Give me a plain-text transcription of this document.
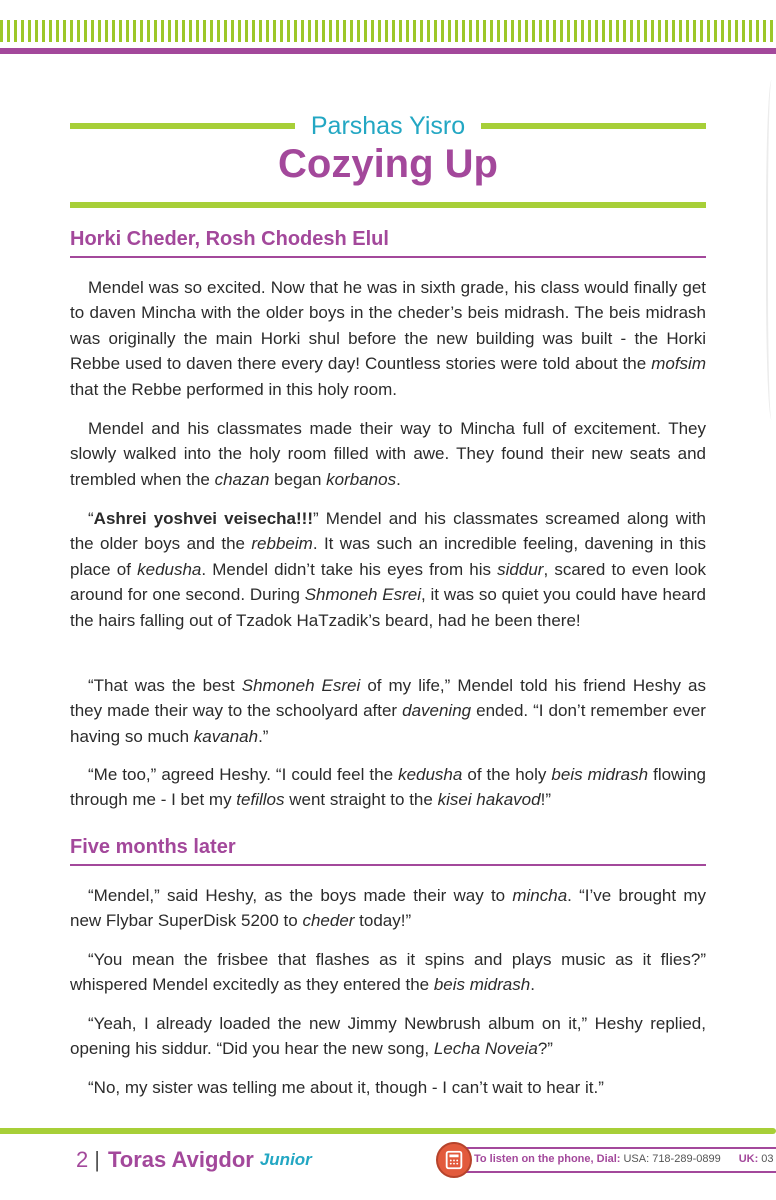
Parshas Yisro
Cozying Up
Horki Cheder, Rosh Chodesh Elul

Mendel was so excited. Now that he was in sixth grade, his class would finally get to daven Mincha with the older boys in the cheder’s beis midrash. The beis midrash was originally the main Horki shul before the new building was built - the Horki Rebbe used to daven there every day! Countless stories were told about the mofsim that the Rebbe performed in this holy room.

Mendel and his classmates made their way to Mincha full of excitement. They slowly walked into the holy room filled with awe. They found their new seats and trembled when the chazan began korbanos.

“Ashrei yoshvei veisecha!!!” Mendel and his classmates screamed along with the older boys and the rebbeim. It was such an incredible feeling, davening in this place of kedusha. Mendel didn’t take his eyes from his siddur, scared to even look around for one second. During Shmoneh Esrei, it was so quiet you could have heard the hairs falling out of Tzadok HaTzadik’s beard, had he been there!

“That was the best Shmoneh Esrei of my life,” Mendel told his friend Heshy as they made their way to the schoolyard after davening ended. “I don’t remember ever having so much kavanah.”

“Me too,” agreed Heshy. “I could feel the kedusha of the holy beis midrash flowing through me - I bet my tefillos went straight to the kisei hakavod!”

Five months later

“Mendel,” said Heshy, as the boys made their way to mincha. “I’ve brought my new Flybar SuperDisk 5200 to cheder today!”

“You mean the frisbee that flashes as it spins and plays music as it flies?” whispered Mendel excitedly as they entered the beis midrash.

“Yeah, I already loaded the new Jimmy Newbrush album on it,” Heshy replied, opening his siddur. “Did you hear the new song, Lecha Noveia?”

“No, my sister was telling me about it, though - I can’t wait to hear it.”

2 | Toras Avigdor Junior	To listen on the phone, Dial: USA: 718-289-0899 UK: 03
